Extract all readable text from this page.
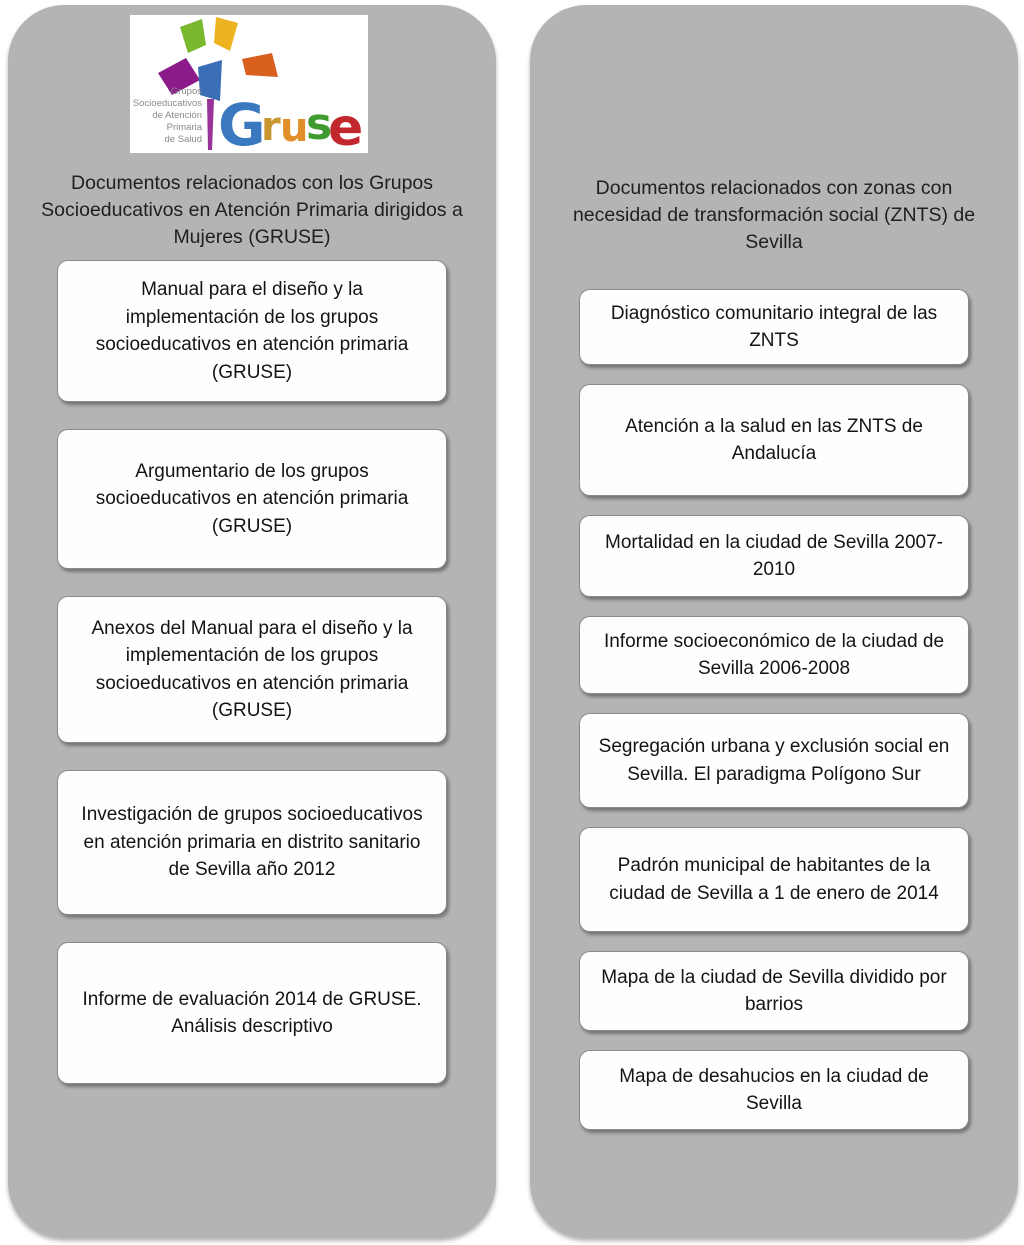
Grupos
Socioeducativos
de Atención
Primaria
de Salud G
r u
s
e
Documentos relacionados con los Grupos Socioeducativos en Atención Primaria dirigidos a Mujeres (GRUSE)
Manual para el diseño y la implementación de los grupos socioeducativos en atención primaria (GRUSE)
Argumentario de los grupos socioeducativos en atención primaria (GRUSE)
Anexos del Manual para el diseño y la implementación de los grupos socioeducativos en atención primaria (GRUSE)
Investigación de grupos socioeducativos en atención primaria en distrito sanitario de Sevilla año 2012
Informe de evaluación 2014 de GRUSE. Análisis descriptivo
Documentos relacionados con zonas con necesidad de transformación social (ZNTS) de Sevilla
Diagnóstico comunitario integral de las ZNTS
Atención a la salud en las ZNTS de Andalucía
Mortalidad en la ciudad de Sevilla 2007-2010
Informe socioeconómico de la ciudad de Sevilla 2006-2008
Segregación urbana y exclusión social en Sevilla. El paradigma Polígono Sur
Padrón municipal de habitantes de la ciudad de Sevilla a 1 de enero de 2014
Mapa de la ciudad de Sevilla dividido por barrios
Mapa de desahucios en la ciudad de Sevilla
